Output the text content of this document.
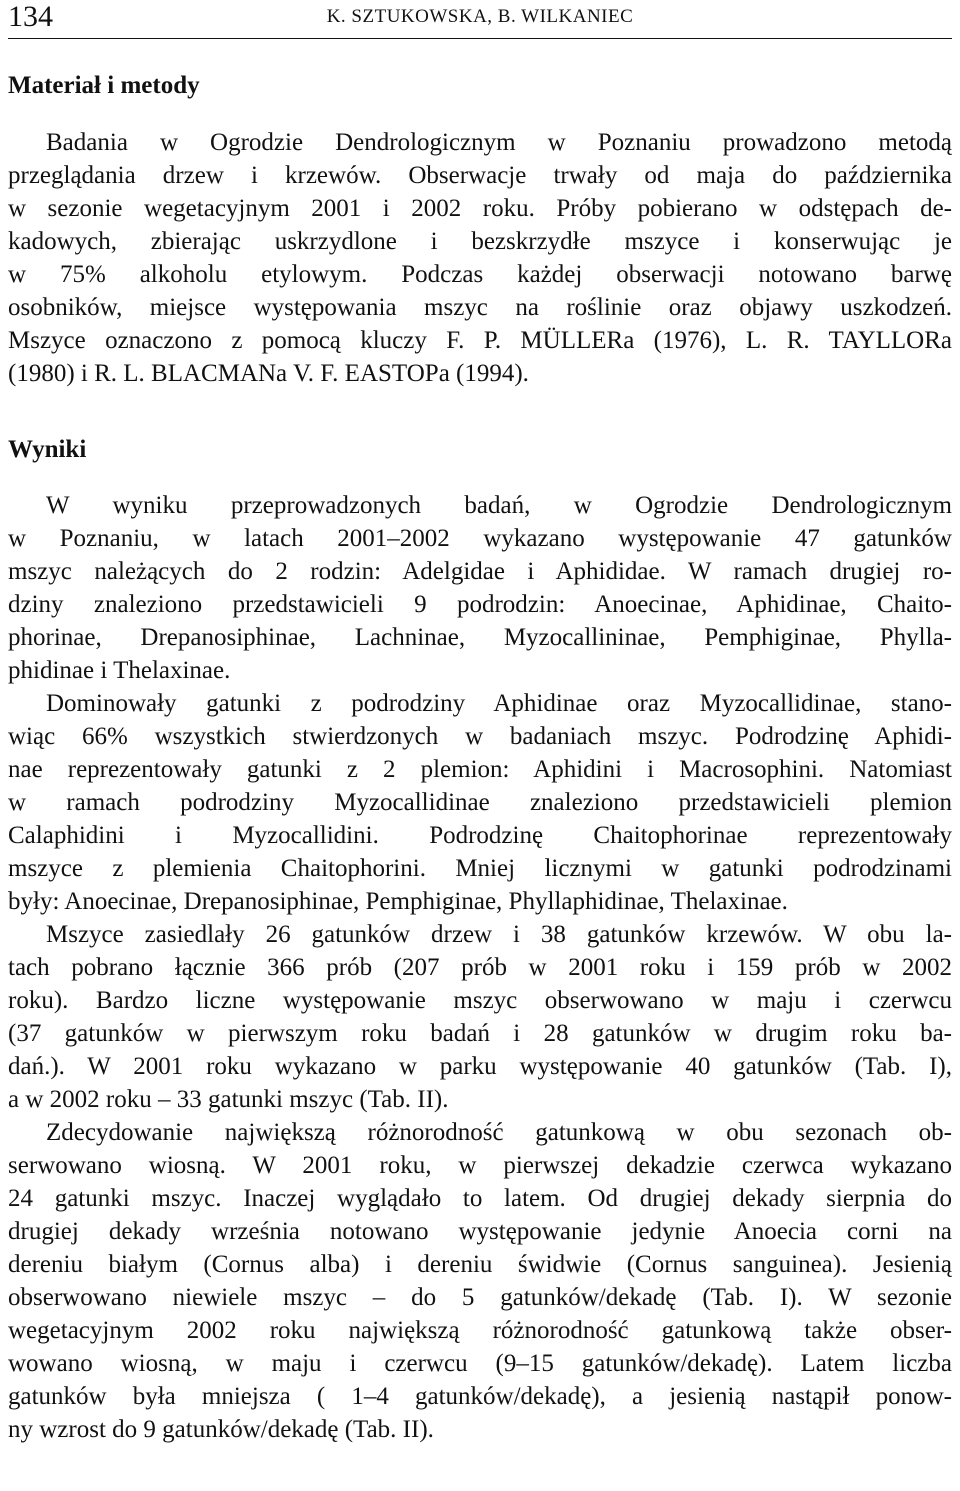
134	K. SZTUKOWSKA, B. WILKANIEC
Materiał i metody
Badania w Ogrodzie Dendrologicznym w Poznaniu prowadzono metodą
przeglądania drzew i krzewów. Obserwacje trwały od maja do października
w sezonie wegetacyjnym 2001 i 2002 roku. Próby pobierano w odstępach de-
kadowych, zbierając uskrzydlone i bezskrzydłe mszyce i konserwując je
w 75% alkoholu etylowym. Podczas każdej obserwacji notowano barwę
osobników, miejsce występowania mszyc na roślinie oraz objawy uszkodzeń.
Mszyce oznaczono z pomocą kluczy F. P. MÜLLERa (1976), L. R. TAYLLORa
(1980) i R. L. BLACMANa V. F. EASTOPa (1994).
Wyniki
W wyniku przeprowadzonych badań, w Ogrodzie Dendrologicznym
w Poznaniu, w latach 2001–2002 wykazano występowanie 47 gatunków
mszyc należących do 2 rodzin: Adelgidae i Aphididae. W ramach drugiej ro-
dziny znaleziono przedstawicieli 9 podrodzin: Anoecinae, Aphidinae, Chaito-
phorinae, Drepanosiphinae, Lachninae, Myzocallininae, Pemphiginae, Phylla-
phidinae i Thelaxinae.
Dominowały gatunki z podrodziny Aphidinae oraz Myzocallidinae, stano-
wiąc 66% wszystkich stwierdzonych w badaniach mszyc. Podrodzinę Aphidi-
nae reprezentowały gatunki z 2 plemion: Aphidini i Macrosophini. Natomiast
w ramach podrodziny Myzocallidinae znaleziono przedstawicieli plemion
Calaphidini i Myzocallidini. Podrodzinę Chaitophorinae reprezentowały
mszyce z plemienia Chaitophorini. Mniej licznymi w gatunki podrodzinami
były: Anoecinae, Drepanosiphinae, Pemphiginae, Phyllaphidinae, Thelaxinae.
Mszyce zasiedlały 26 gatunków drzew i 38 gatunków krzewów. W obu la-
tach pobrano łącznie 366 prób (207 prób w 2001 roku i 159 prób w 2002
roku). Bardzo liczne występowanie mszyc obserwowano w maju i czerwcu
(37 gatunków w pierwszym roku badań i 28 gatunków w drugim roku ba-
dań.). W 2001 roku wykazano w parku występowanie 40 gatunków (Tab. I),
a w 2002 roku – 33 gatunki mszyc (Tab. II).
Zdecydowanie największą różnorodność gatunkową w obu sezonach ob-
serwowano wiosną. W 2001 roku, w pierwszej dekadzie czerwca wykazano
24 gatunki mszyc. Inaczej wyglądało to latem. Od drugiej dekady sierpnia do
drugiej dekady września notowano występowanie jedynie Anoecia corni na
dereniu białym (Cornus alba) i dereniu świdwie (Cornus sanguinea). Jesienią
obserwowano niewiele mszyc – do 5 gatunków/dekadę (Tab. I). W sezonie
wegetacyjnym 2002 roku największą różnorodność gatunkową także obser-
wowano wiosną, w maju i czerwcu (9–15 gatunków/dekadę). Latem liczba
gatunków była mniejsza ( 1–4 gatunków/dekadę), a jesienią nastąpił ponow-
ny wzrost do 9 gatunków/dekadę (Tab. II).
